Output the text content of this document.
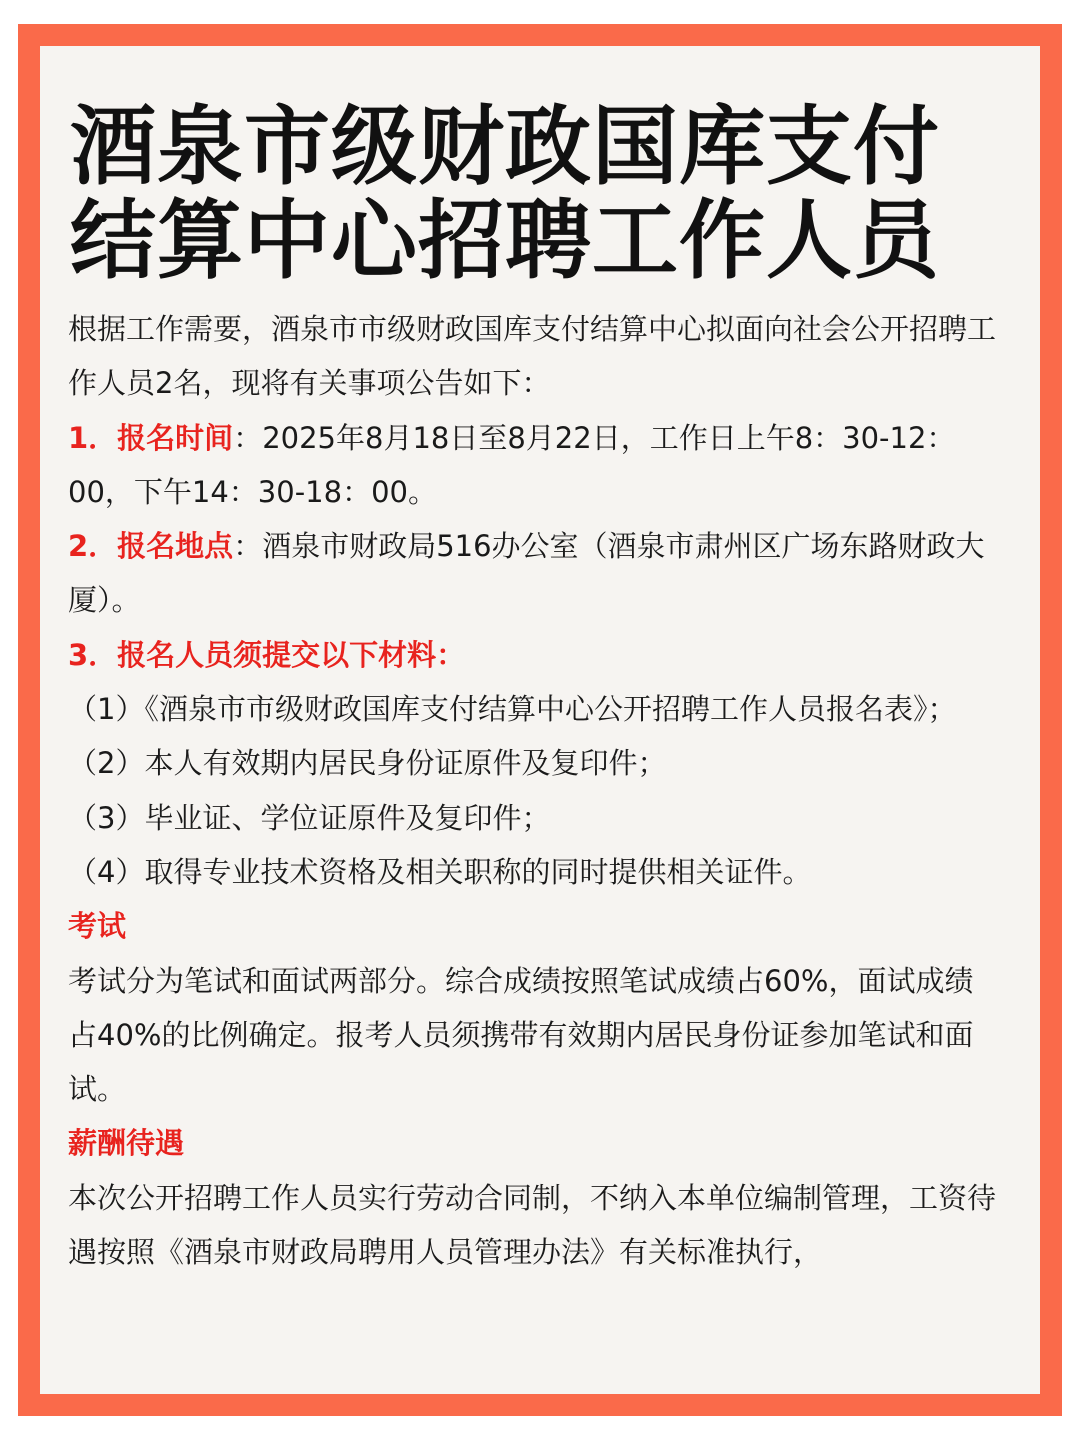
酒泉市级财政国库支付
结算中心招聘工作人员

根据工作需要，酒泉市市级财政国库支付结算中心拟面向社会公开招聘工作人员2名，现将有关事项公告如下：

1．报名时间：2025年8月18日至8月22日，工作日上午8：30-12：00，下午14：30-18：00。

2．报名地点：酒泉市财政局516办公室（酒泉市肃州区广场东路财政大厦）。

3．报名人员须提交以下材料：

（1）《酒泉市市级财政国库支付结算中心公开招聘工作人员报名表》；

（2）本人有效期内居民身份证原件及复印件；

（3）毕业证、学位证原件及复印件；

（4）取得专业技术资格及相关职称的同时提供相关证件。

考试

考试分为笔试和面试两部分。综合成绩按照笔试成绩占60%，面试成绩占40%的比例确定。报考人员须携带有效期内居民身份证参加笔试和面试。

薪酬待遇

本次公开招聘工作人员实行劳动合同制，不纳入本单位编制管理，工资待遇按照《酒泉市财政局聘用人员管理办法》有关标准执行，
